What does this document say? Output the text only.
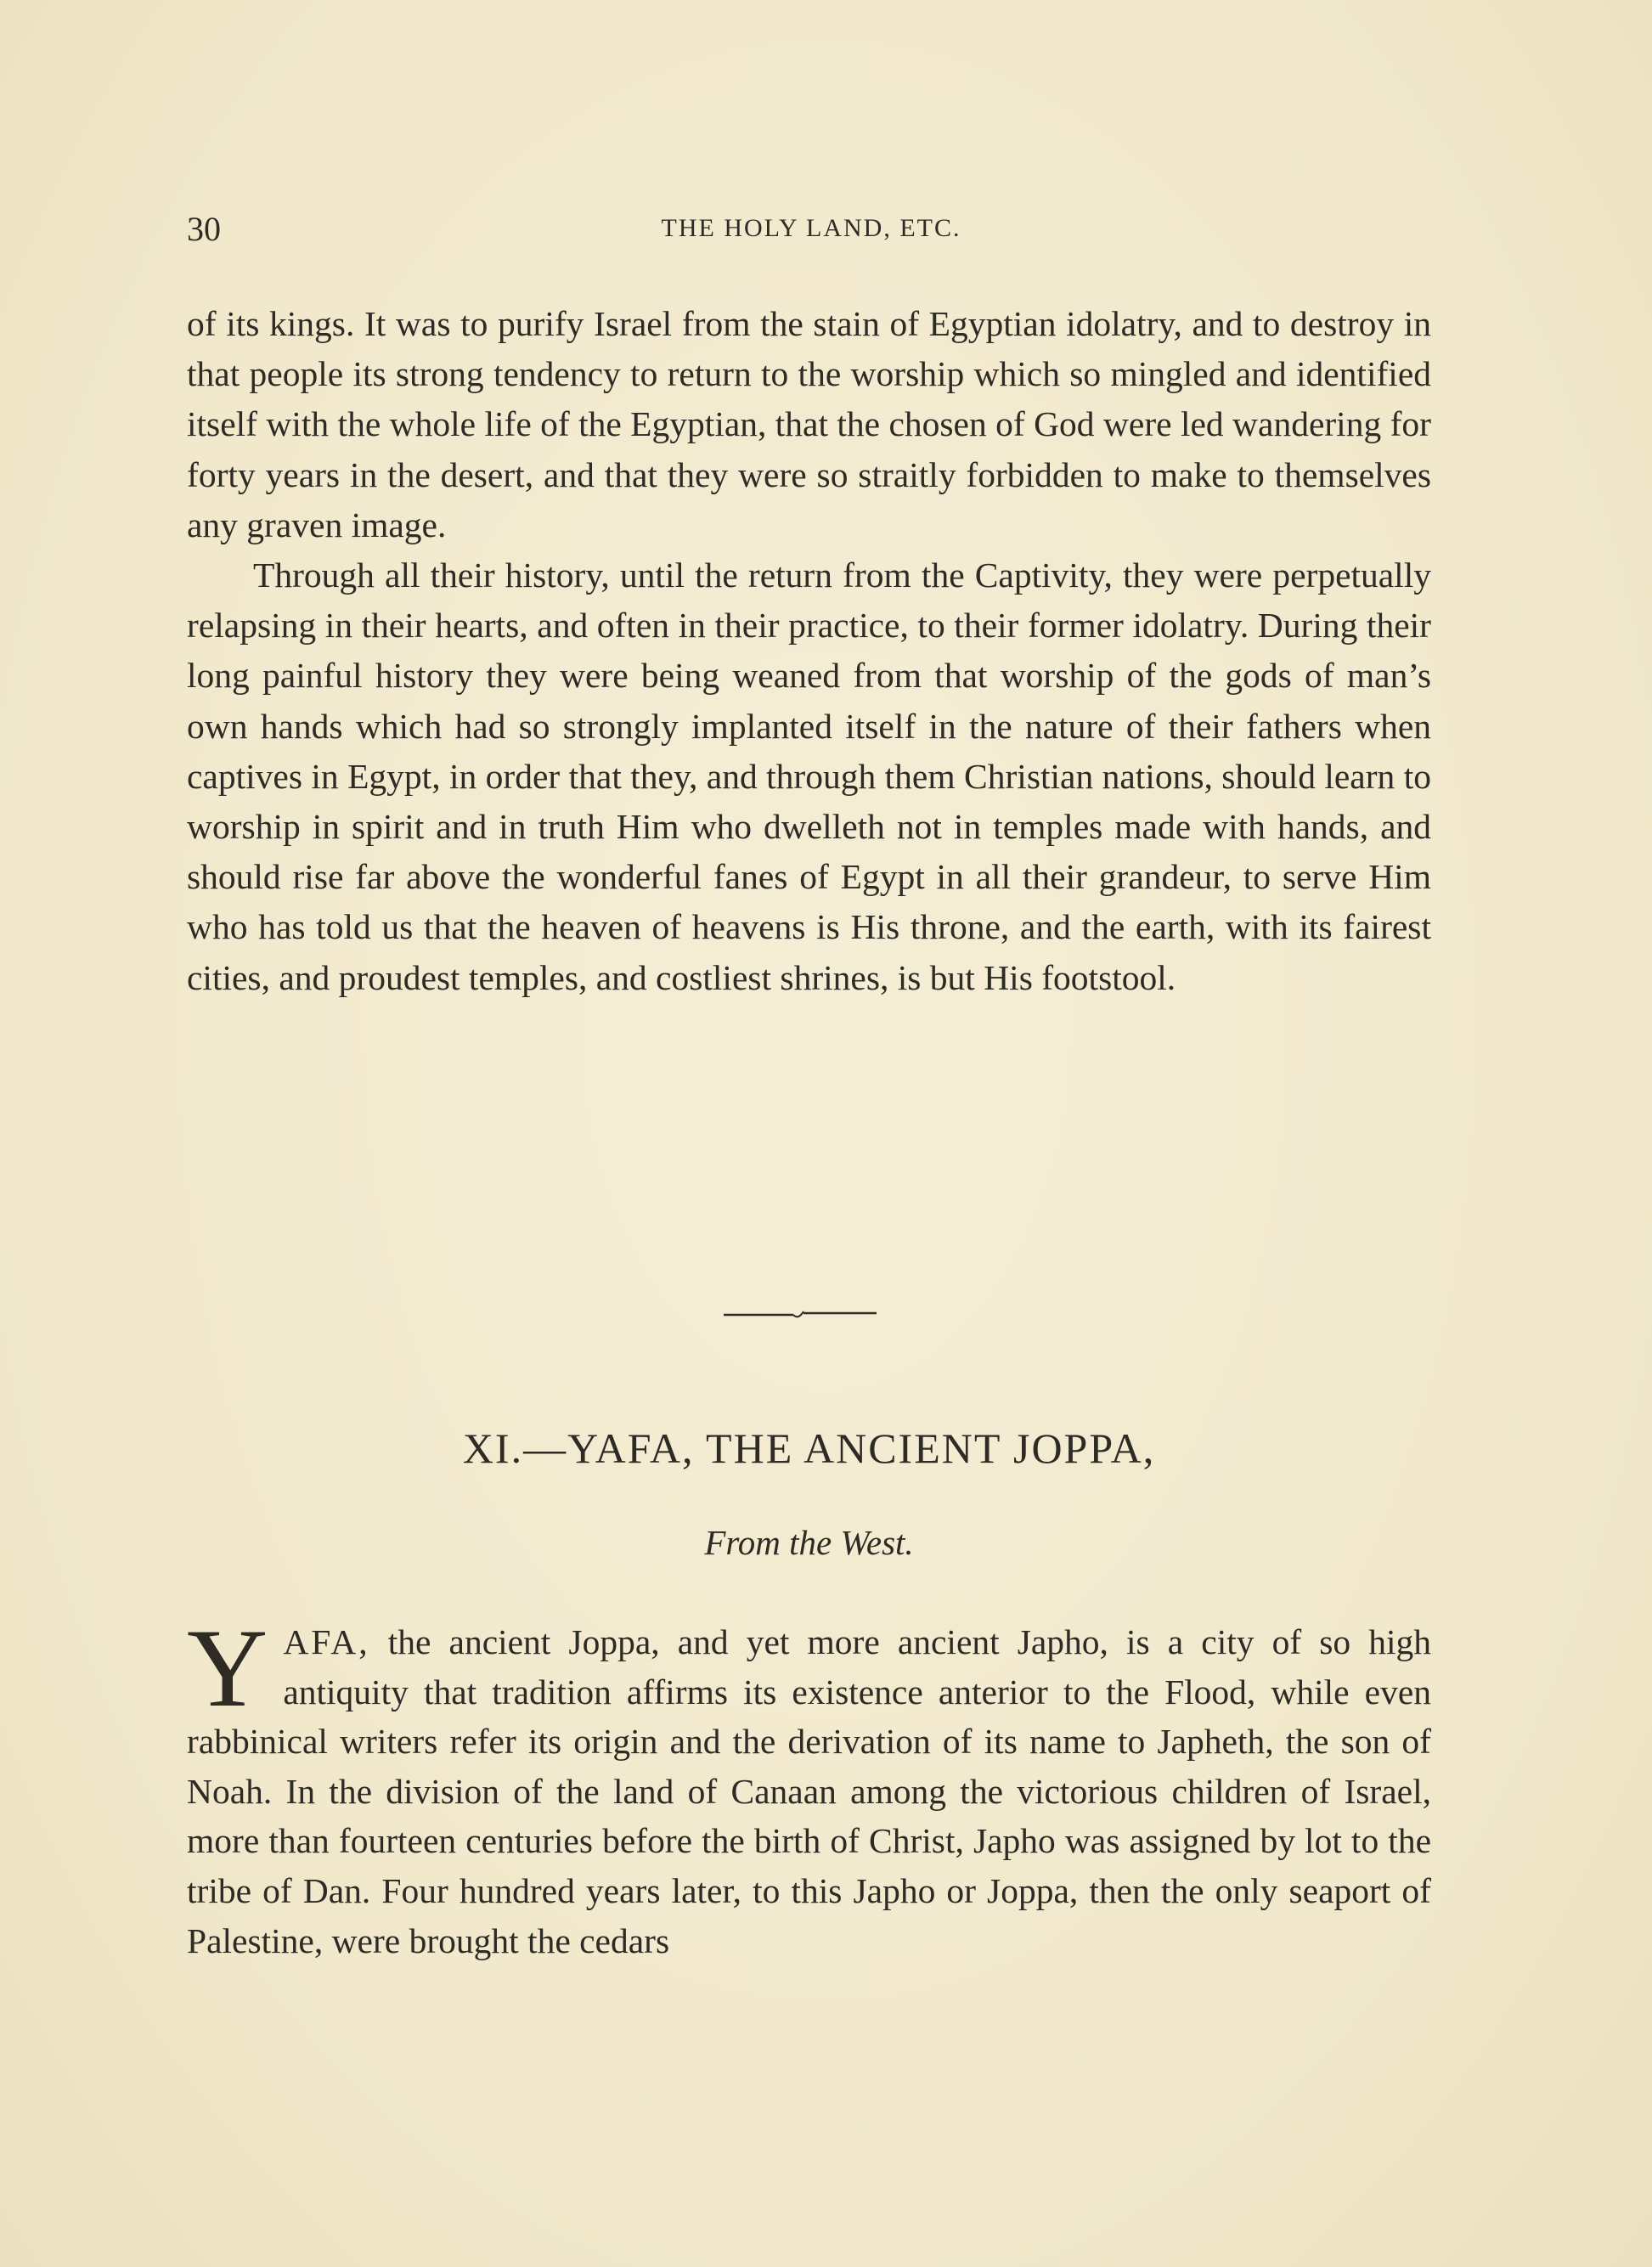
30	THE HOLY LAND, ETC.

of its kings. It was to purify Israel from the stain of Egyptian idolatry, and to destroy in that people its strong tendency to return to the worship which so mingled and identified itself with the whole life of the Egyptian, that the chosen of God were led wandering for forty years in the desert, and that they were so straitly forbidden to make to themselves any graven image.

Through all their history, until the return from the Captivity, they were perpetually relapsing in their hearts, and often in their practice, to their former idolatry. During their long painful history they were being weaned from that worship of the gods of man’s own hands which had so strongly implanted itself in the nature of their fathers when captives in Egypt, in order that they, and through them Christian nations, should learn to worship in spirit and in truth Him who dwelleth not in temples made with hands, and should rise far above the wonderful fanes of Egypt in all their grandeur, to serve Him who has told us that the heaven of heavens is His throne, and the earth, with its fairest cities, and proudest temples, and costliest shrines, is but His footstool.

XI.—YAFA, THE ANCIENT JOPPA,
From the West.
Y AFA, the ancient Joppa, and yet more ancient Japho, is a city of so high antiquity that tradition affirms its existence anterior to the Flood, while even rabbinical writers refer its origin and the derivation of its name to Japheth, the son of Noah. In the division of the land of Canaan among the victorious children of Israel, more than fourteen centuries before the birth of Christ, Japho was assigned by lot to the tribe of Dan. Four hundred years later, to this Japho or Joppa, then the only seaport of Palestine, were brought the cedars
